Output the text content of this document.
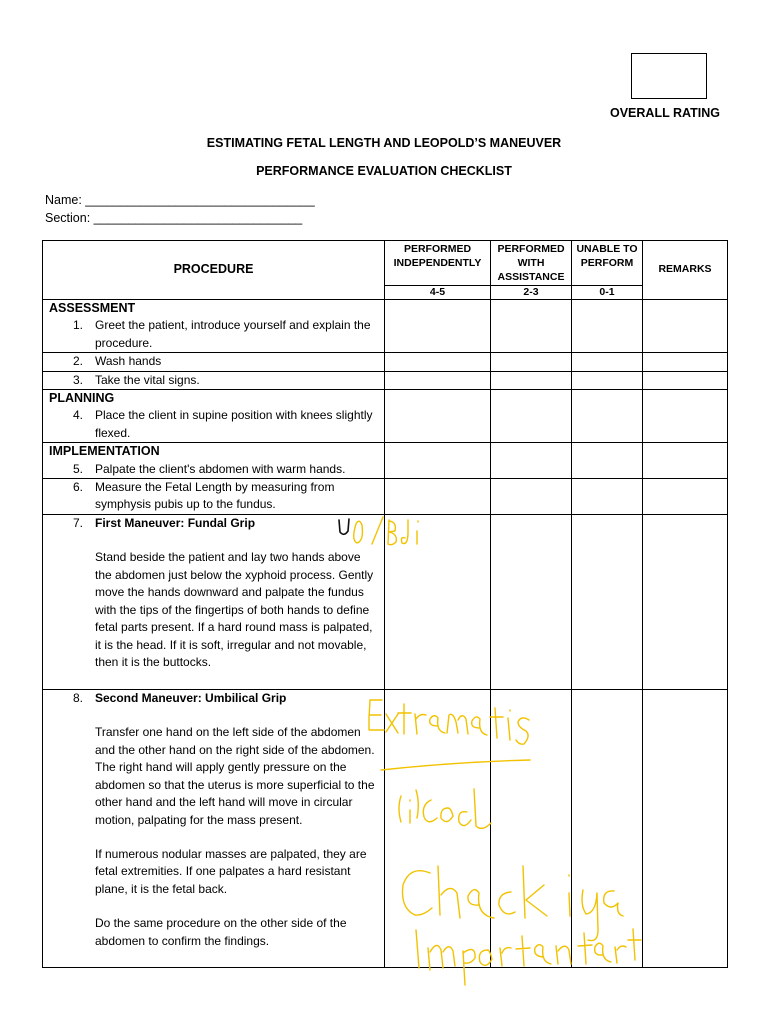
OVERALL RATING
ESTIMATING FETAL LENGTH AND LEOPOLD’S MANEUVER
PERFORMANCE EVALUATION CHECKLIST
Name: _________________________________
Section: ______________________________
PROCEDURE	PERFORMED INDEPENDENTLY	PERFORMED WITH ASSISTANCE	UNABLE TO PERFORM	REMARKS
	4-5	2-3	0-1	

ASSESSMENT
1. Greet the patient, introduce yourself and explain the procedure.				

2. Wash hands				

3. Take the vital signs.				

PLANNING
4. Place the client in supine position with knees slightly flexed.				

IMPLEMENTATION
5. Palpate the client's abdomen with warm hands.				

6. Measure the Fetal Length by measuring from symphysis pubis up to the fundus.				

7. First Maneuver: Fundal Grip
Stand beside the patient and lay two hands above the abdomen just below the xyphoid process. Gently move the hands downward and palpate the fundus with the tips of the fingertips of both hands to define fetal parts present. If a hard round mass is palpated, it is the head. If it is soft, irregular and not movable, then it is the buttocks.				

8. Second Maneuver: Umbilical Grip
Transfer one hand on the left side of the abdomen and the other hand on the right side of the abdomen. The right hand will apply gently pressure on the abdomen so that the uterus is more superficial to the other hand and the left hand will move in circular motion, palpating for the mass present.
If numerous nodular masses are palpated, they are fetal extremities. If one palpates a hard resistant plane, it is the fetal back.
Do the same procedure on the other side of the abdomen to confirm the findings.				
